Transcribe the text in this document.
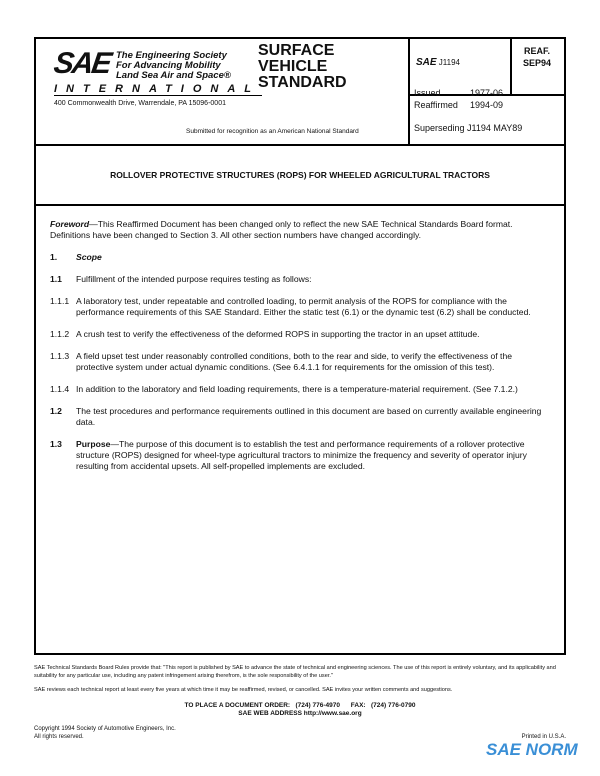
SAE The Engineering Society
For Advancing Mobility
Land Sea Air and Space®
INTERNATIONAL
400 Commonwealth Drive, Warrendale, PA 15096-0001
SURFACE
VEHICLE
STANDARD
Submitted for recognition as an American National Standard
SAE J1194
REAF.
SEP94
Issued	1977-06
Reaffirmed 1994-09
Superseding J1194 MAY89
ROLLOVER PROTECTIVE STRUCTURES (ROPS) FOR WHEELED AGRICULTURAL TRACTORS
Foreword—This Reaffirmed Document has been changed only to reflect the new SAE Technical Standards Board format. Definitions have been changed to Section 3. All other section numbers have changed accordingly.
1.	Scope
1.1	Fulfillment of the intended purpose requires testing as follows:
1.1.1 A laboratory test, under repeatable and controlled loading, to permit analysis of the ROPS for compliance with the performance requirements of this SAE Standard. Either the static test (6.1) or the dynamic test (6.2) shall be conducted.
1.1.2 A crush test to verify the effectiveness of the deformed ROPS in supporting the tractor in an upset attitude.
1.1.3 A field upset test under reasonably controlled conditions, both to the rear and side, to verify the effectiveness of the protective system under actual dynamic conditions. (See 6.4.1.1 for requirements for the omission of this test).
1.1.4 In addition to the laboratory and field loading requirements, there is a temperature-material requirement. (See 7.1.2.)
1.2	The test procedures and performance requirements outlined in this document are based on currently available engineering data.
1.3	Purpose—The purpose of this document is to establish the test and performance requirements of a rollover protective structure (ROPS) designed for wheel-type agricultural tractors to minimize the frequency and severity of operator injury resulting from accidental upsets. All self-propelled implements are excluded.
SAE Technical Standards Board Rules provide that: "This report is published by SAE to advance the state of technical and engineering sciences. The use of this report is entirely voluntary, and its applicability and suitability for any particular use, including any patent infringement arising therefrom, is the sole responsibility of the user."
SAE reviews each technical report at least every five years at which time it may be reaffirmed, revised, or cancelled. SAE invites your written comments and suggestions.
TO PLACE A DOCUMENT ORDER:   (724) 776-4970      FAX:   (724) 776-0790
SAE WEB ADDRESS http://www.sae.org
Copyright 1994 Society of Automotive Engineers, Inc.
All rights reserved.	Printed in U.S.A.
SAE NORM
